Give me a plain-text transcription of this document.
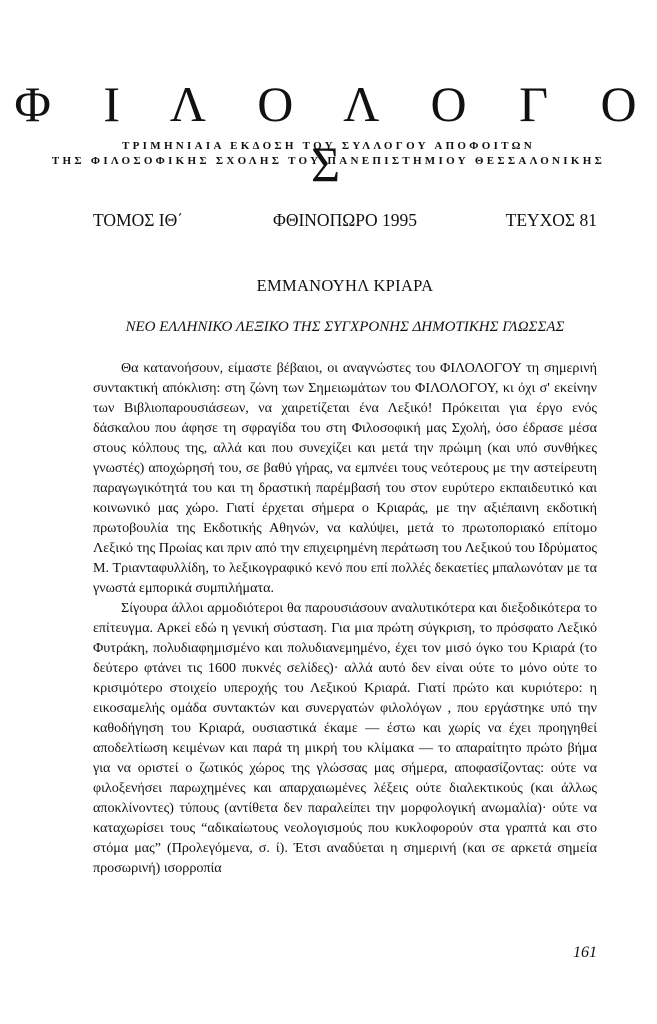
Φ Ι Λ Ο Λ Ο Γ Ο Σ
ΤΡΙΜΗΝΙΑΙΑ ΕΚΔΟΣΗ ΤΟΥ ΣΥΛΛΟΓΟΥ ΑΠΟΦΟΙΤΩΝ
ΤΗΣ ΦΙΛΟΣΟΦΙΚΗΣ ΣΧΟΛΗΣ ΤΟΥ ΠΑΝΕΠΙΣΤΗΜΙΟΥ ΘΕΣΣΑΛΟΝΙΚΗΣ
ΤΟΜΟΣ ΙΘ΄	ΦΘΙΝΟΠΩΡΟ 1995	ΤΕΥΧΟΣ 81
ΕΜΜΑΝΟΥΗΛ ΚΡΙΑΡΑ
ΝΕΟ ΕΛΛΗΝΙΚΟ ΛΕΞΙΚΟ ΤΗΣ ΣΥΓΧΡΟΝΗΣ ΔΗΜΟΤΙΚΗΣ ΓΛΩΣΣΑΣ

Θα κατανοήσουν, είμαστε βέβαιοι, οι αναγνώστες του ΦΙΛΟΛΟΓΟΥ τη σημερινή συντακτική απόκλιση: στη ζώνη των Σημειωμάτων του ΦΙΛΟΛΟΓΟΥ, κι όχι σ' εκείνην των Βιβλιοπαρουσιάσεων, να χαιρετίζεται ένα Λεξικό! Πρόκειται για έργο ενός δάσκαλου που άφησε τη σφραγίδα του στη Φιλοσοφική μας Σχολή, όσο έδρασε μέσα στους κόλπους της, αλλά και που συνεχίζει και μετά την πρώιμη (και υπό συνθήκες γνωστές) αποχώρησή του, σε βαθύ γήρας, να εμπνέει τους νεότερους με την αστείρευτη παραγωγικότητά του και τη δραστική παρέμβασή του στον ευρύτερο εκπαιδευτικό και κοινωνικό μας χώρο. Γιατί έρχεται σήμερα ο Κριαράς, με την αξιέπαινη εκδοτική πρωτοβουλία της Εκδοτικής Αθηνών, να καλύψει, μετά το πρωτοποριακό επίτομο Λεξικό της Πρωίας και πριν από την επιχειρημένη περάτωση του Λεξικού του Ιδρύματος Μ. Τριανταφυλλίδη, το λεξικογραφικό κενό που επί πολλές δεκαετίες μπαλωνόταν με τα γνωστά εμπορικά συμπιλήματα.

Σίγουρα άλλοι αρμοδιότεροι θα παρουσιάσουν αναλυτικότερα και διεξοδικότερα το επίτευγμα. Αρκεί εδώ η γενική σύσταση. Για μια πρώτη σύγκριση, το πρόσφατο Λεξικό Φυτράκη, πολυδιαφημισμένο και πολυδιανεμημένο, έχει τον μισό όγκο του Κριαρά (το δεύτερο φτάνει τις 1600 πυκνές σελίδες)· αλλά αυτό δεν είναι ούτε το μόνο ούτε το κρισιμότερο στοιχείο υπεροχής του Λεξικού Κριαρά. Γιατί πρώτο και κυριότερο: η εικοσαμελής ομάδα συντακτών και συνεργατών φιλολόγων , που εργάστηκε υπό την καθοδήγηση του Κριαρά, ουσιαστικά έκαμε — έστω και χωρίς να έχει προηγηθεί αποδελτίωση κειμένων και παρά τη μικρή του κλίμακα — το απαραίτητο πρώτο βήμα για να οριστεί ο ζωτικός χώρος της γλώσσας μας σήμερα, αποφασίζοντας: ούτε να φιλοξενήσει παρωχημένες και απαρχαιωμένες λέξεις ούτε διαλεκτικούς (και άλλως αποκλίνοντες) τύπους (αντίθετα δεν παραλείπει την μορφολογική ανωμαλία)· ούτε να καταχωρίσει τους “αδικαίωτους νεολογισμούς που κυκλοφορούν στα γραπτά και στο στόμα μας” (Προλεγόμενα, σ. ί). Έτσι αναδύεται η σημερινή (και σε αρκετά σημεία προσωρινή) ισορροπία

161
